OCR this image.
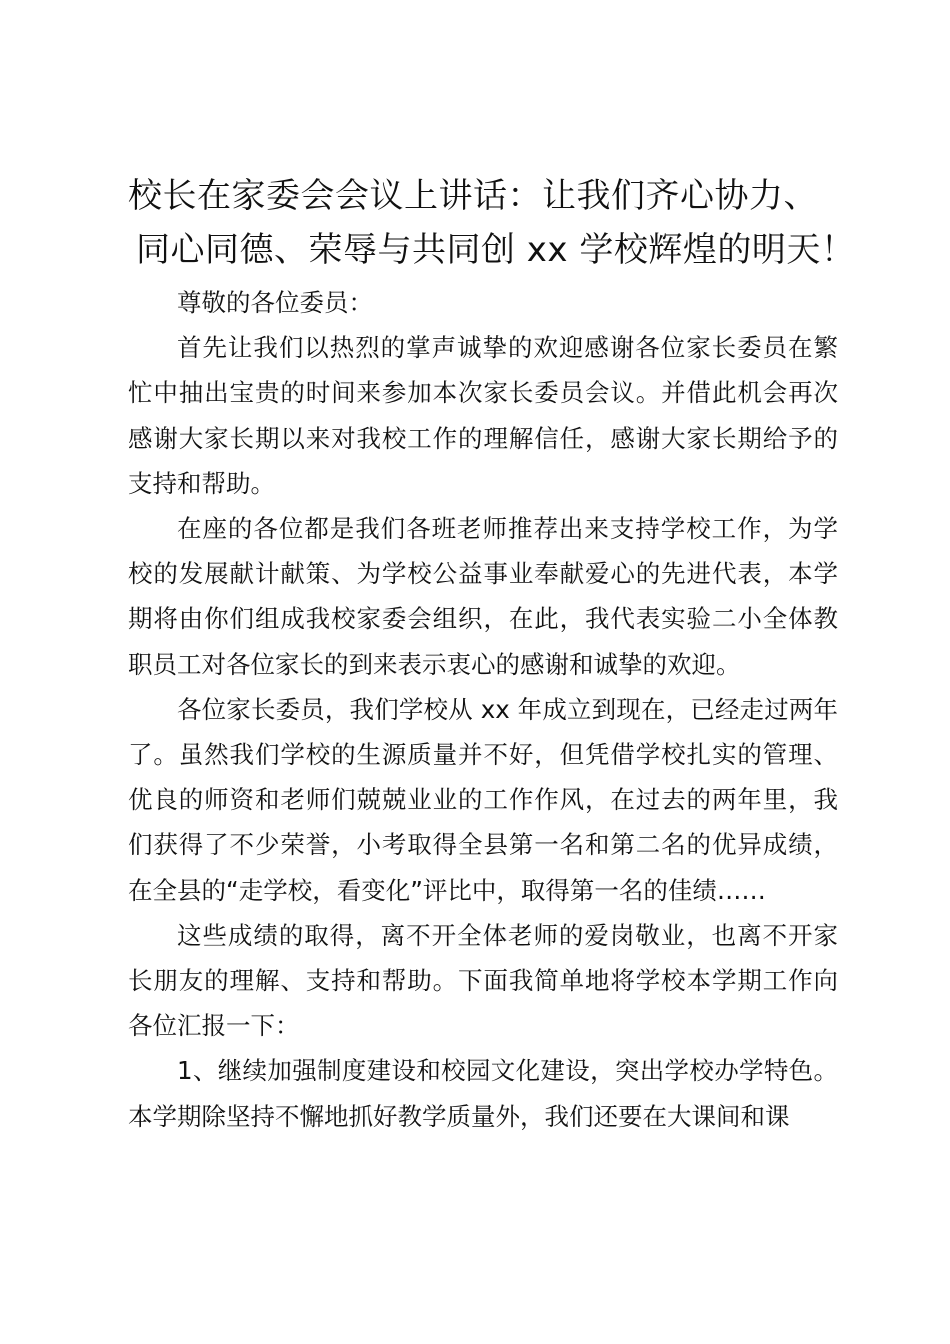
校长在家委会会议上讲话：让我们齐心协力、
同心同德、荣辱与共同创 xx 学校辉煌的明天！

尊敬的各位委员：

首先让我们以热烈的掌声诚挚的欢迎感谢各位家长委员在繁忙中抽出宝贵的时间来参加本次家长委员会议。并借此机会再次感谢大家长期以来对我校工作的理解信任，感谢大家长期给予的支持和帮助。

在座的各位都是我们各班老师推荐出来支持学校工作，为学校的发展献计献策、为学校公益事业奉献爱心的先进代表，本学期将由你们组成我校家委会组织，在此，我代表实验二小全体教职员工对各位家长的到来表示衷心的感谢和诚挚的欢迎。

各位家长委员，我们学校从 xx 年成立到现在，已经走过两年了。虽然我们学校的生源质量并不好，但凭借学校扎实的管理、优良的师资和老师们兢兢业业的工作作风，在过去的两年里，我们获得了不少荣誉，小考取得全县第一名和第二名的优异成绩，在全县的“走学校，看变化”评比中，取得第一名的佳绩……

这些成绩的取得，离不开全体老师的爱岗敬业，也离不开家长朋友的理解、支持和帮助。下面我简单地将学校本学期工作向各位汇报一下：

1、继续加强制度建设和校园文化建设，突出学校办学特色。本学期除坚持不懈地抓好教学质量外，我们还要在大课间和课
